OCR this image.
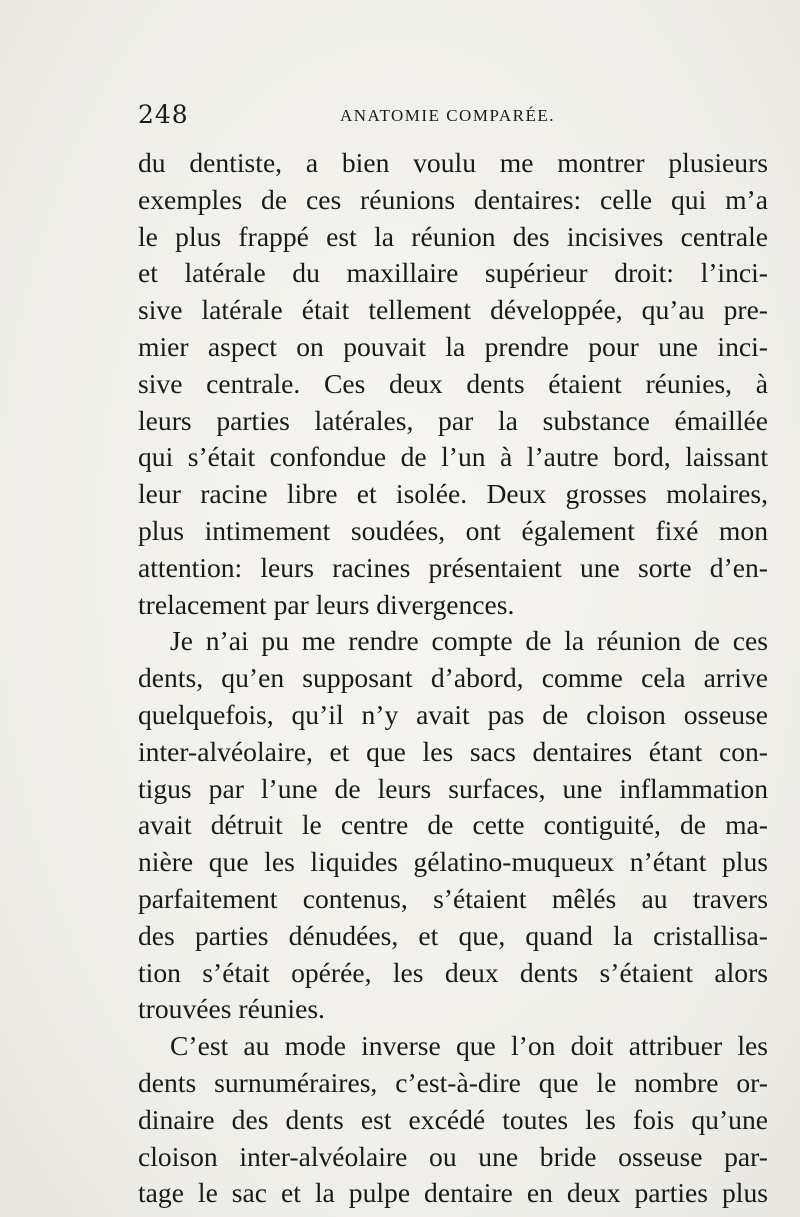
248	ANATOMIE COMPARÉE.
du dentiste, a bien voulu me montrer plusieurs
exemples de ces réunions dentaires: celle qui m’a
le plus frappé est la réunion des incisives centrale
et latérale du maxillaire supérieur droit: l’inci-
sive latérale était tellement développée, qu’au pre-
mier aspect on pouvait la prendre pour une inci-
sive centrale. Ces deux dents étaient réunies, à
leurs parties latérales, par la substance émaillée
qui s’était confondue de l’un à l’autre bord, laissant
leur racine libre et isolée. Deux grosses molaires,
plus intimement soudées, ont également fixé mon
attention: leurs racines présentaient une sorte d’en-
trelacement par leurs divergences.
Je n’ai pu me rendre compte de la réunion de ces
dents, qu’en supposant d’abord, comme cela arrive
quelquefois, qu’il n’y avait pas de cloison osseuse
inter-alvéolaire, et que les sacs dentaires étant con-
tigus par l’une de leurs surfaces, une inflammation
avait détruit le centre de cette contiguité, de ma-
nière que les liquides gélatino-muqueux n’étant plus
parfaitement contenus, s’étaient mêlés au travers
des parties dénudées, et que, quand la cristallisa-
tion s’était opérée, les deux dents s’étaient alors
trouvées réunies.
C’est au mode inverse que l’on doit attribuer les
dents surnuméraires, c’est-à-dire que le nombre or-
dinaire des dents est excédé toutes les fois qu’une
cloison inter-alvéolaire ou une bride osseuse par-
tage le sac et la pulpe dentaire en deux parties plus
